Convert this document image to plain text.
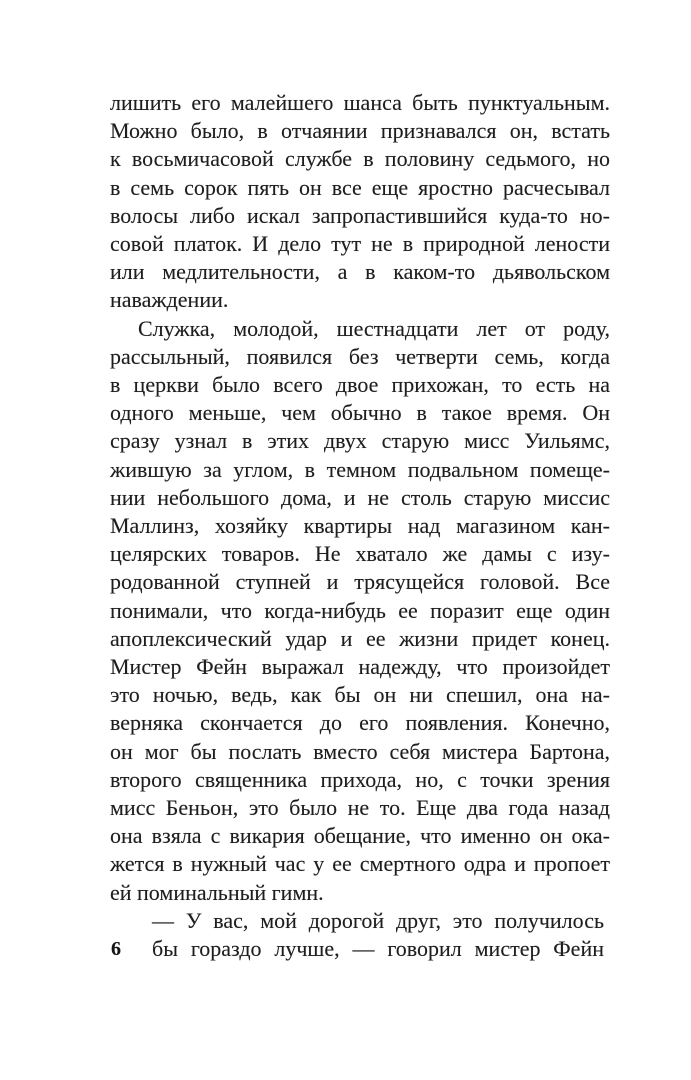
лишить его малейшего шанса быть пунктуальным.
Можно было, в отчаянии признавался он, встать
к восьмичасовой службе в половину седьмого, но
в семь сорок пять он все еще яростно расчесывал
волосы либо искал запропастившийся куда-то но-
совой платок. И дело тут не в природной лености
или медлительности, а в каком-то дьявольском
наваждении.
Служка, молодой, шестнадцати лет от роду,
рассыльный, появился без четверти семь, когда
в церкви было всего двое прихожан, то есть на
одного меньше, чем обычно в такое время. Он
сразу узнал в этих двух старую мисс Уильямс,
жившую за углом, в темном подвальном помеще-
нии небольшого дома, и не столь старую миссис
Маллинз, хозяйку квартиры над магазином кан-
целярских товаров. Не хватало же дамы с изу-
родованной ступней и трясущейся головой. Все
понимали, что когда-нибудь ее поразит еще один
апоплексический удар и ее жизни придет конец.
Мистер Фейн выражал надежду, что произойдет
это ночью, ведь, как бы он ни спешил, она на-
верняка скончается до его появления. Конечно,
он мог бы послать вместо себя мистера Бартона,
второго священника прихода, но, с точки зрения
мисс Беньон, это было не то. Еще два года назад
она взяла с викария обещание, что именно он ока-
жется в нужный час у ее смертного одра и пропоет
ей поминальный гимн.
— У вас, мой дорогой друг, это получилось
бы гораздо лучше, — говорил мистер Фейн
6
